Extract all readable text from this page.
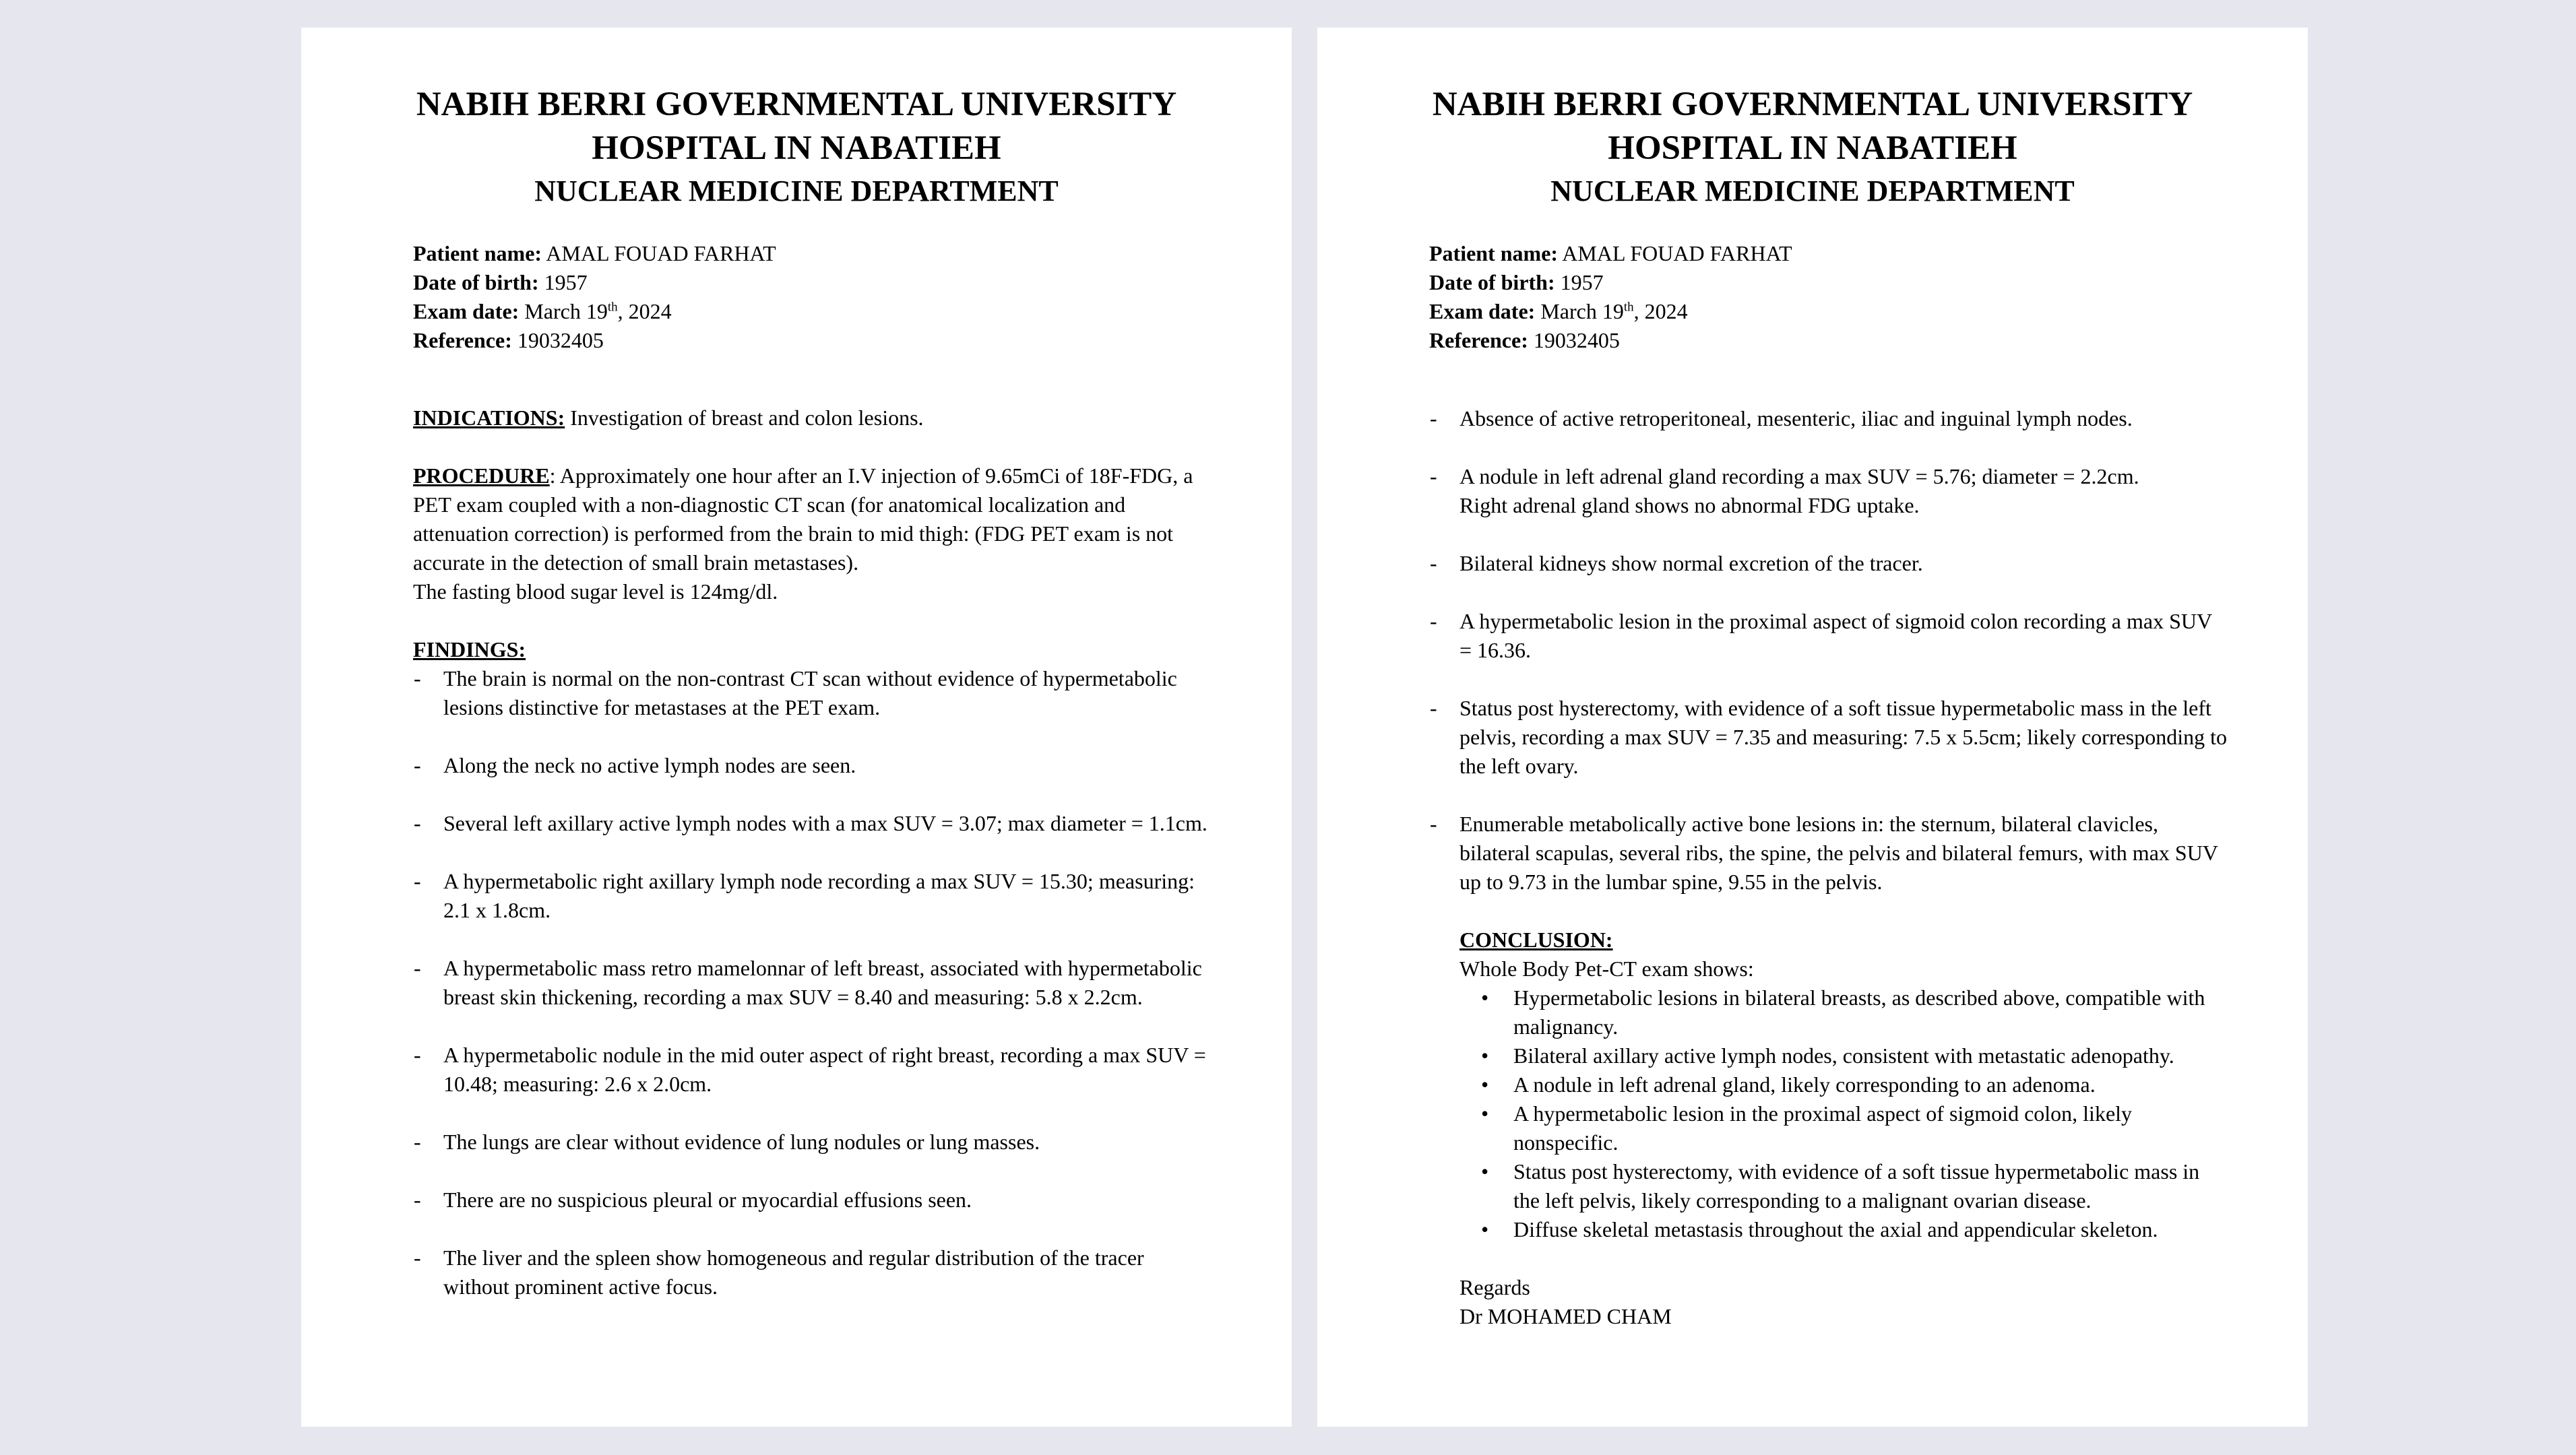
NABIH BERRI GOVERNMENTAL UNIVERSITY
HOSPITAL IN NABATIEH
NUCLEAR MEDICINE DEPARTMENT
Patient name: AMAL FOUAD FARHAT
Date of birth: 1957
Exam date: March 19th, 2024
Reference: 19032405
INDICATIONS: Investigation of breast and colon lesions.
PROCEDURE: Approximately one hour after an I.V injection of 9.65mCi of 18F-FDG, a PET exam coupled with a non-diagnostic CT scan (for anatomical localization and attenuation correction) is performed from the brain to mid thigh: (FDG PET exam is not accurate in the detection of small brain metastases).
The fasting blood sugar level is 124mg/dl.
FINDINGS:
- The brain is normal on the non-contrast CT scan without evidence of hypermetabolic lesions distinctive for metastases at the PET exam.
- Along the neck no active lymph nodes are seen.
- Several left axillary active lymph nodes with a max SUV = 3.07; max diameter = 1.1cm.
- A hypermetabolic right axillary lymph node recording a max SUV = 15.30; measuring: 2.1 x 1.8cm.
- A hypermetabolic mass retro mamelonnar of left breast, associated with hypermetabolic breast skin thickening, recording a max SUV = 8.40 and measuring: 5.8 x 2.2cm.
- A hypermetabolic nodule in the mid outer aspect of right breast, recording a max SUV = 10.48; measuring: 2.6 x 2.0cm.
- The lungs are clear without evidence of lung nodules or lung masses.
- There are no suspicious pleural or myocardial effusions seen.
- The liver and the spleen show homogeneous and regular distribution of the tracer without prominent active focus.
NABIH BERRI GOVERNMENTAL UNIVERSITY
HOSPITAL IN NABATIEH
NUCLEAR MEDICINE DEPARTMENT
Patient name: AMAL FOUAD FARHAT
Date of birth: 1957
Exam date: March 19th, 2024
Reference: 19032405
- Absence of active retroperitoneal, mesenteric, iliac and inguinal lymph nodes.
- A nodule in left adrenal gland recording a max SUV = 5.76; diameter = 2.2cm.
Right adrenal gland shows no abnormal FDG uptake.
- Bilateral kidneys show normal excretion of the tracer.
- A hypermetabolic lesion in the proximal aspect of sigmoid colon recording a max SUV = 16.36.
- Status post hysterectomy, with evidence of a soft tissue hypermetabolic mass in the left pelvis, recording a max SUV = 7.35 and measuring: 7.5 x 5.5cm; likely corresponding to the left ovary.
- Enumerable metabolically active bone lesions in: the sternum, bilateral clavicles, bilateral scapulas, several ribs, the spine, the pelvis and bilateral femurs, with max SUV up to 9.73 in the lumbar spine, 9.55 in the pelvis.
CONCLUSION:
Whole Body Pet-CT exam shows:
• Hypermetabolic lesions in bilateral breasts, as described above, compatible with malignancy.
• Bilateral axillary active lymph nodes, consistent with metastatic adenopathy.
• A nodule in left adrenal gland, likely corresponding to an adenoma.
• A hypermetabolic lesion in the proximal aspect of sigmoid colon, likely nonspecific.
• Status post hysterectomy, with evidence of a soft tissue hypermetabolic mass in the left pelvis, likely corresponding to a malignant ovarian disease.
• Diffuse skeletal metastasis throughout the axial and appendicular skeleton.
Regards
Dr MOHAMED CHAM
